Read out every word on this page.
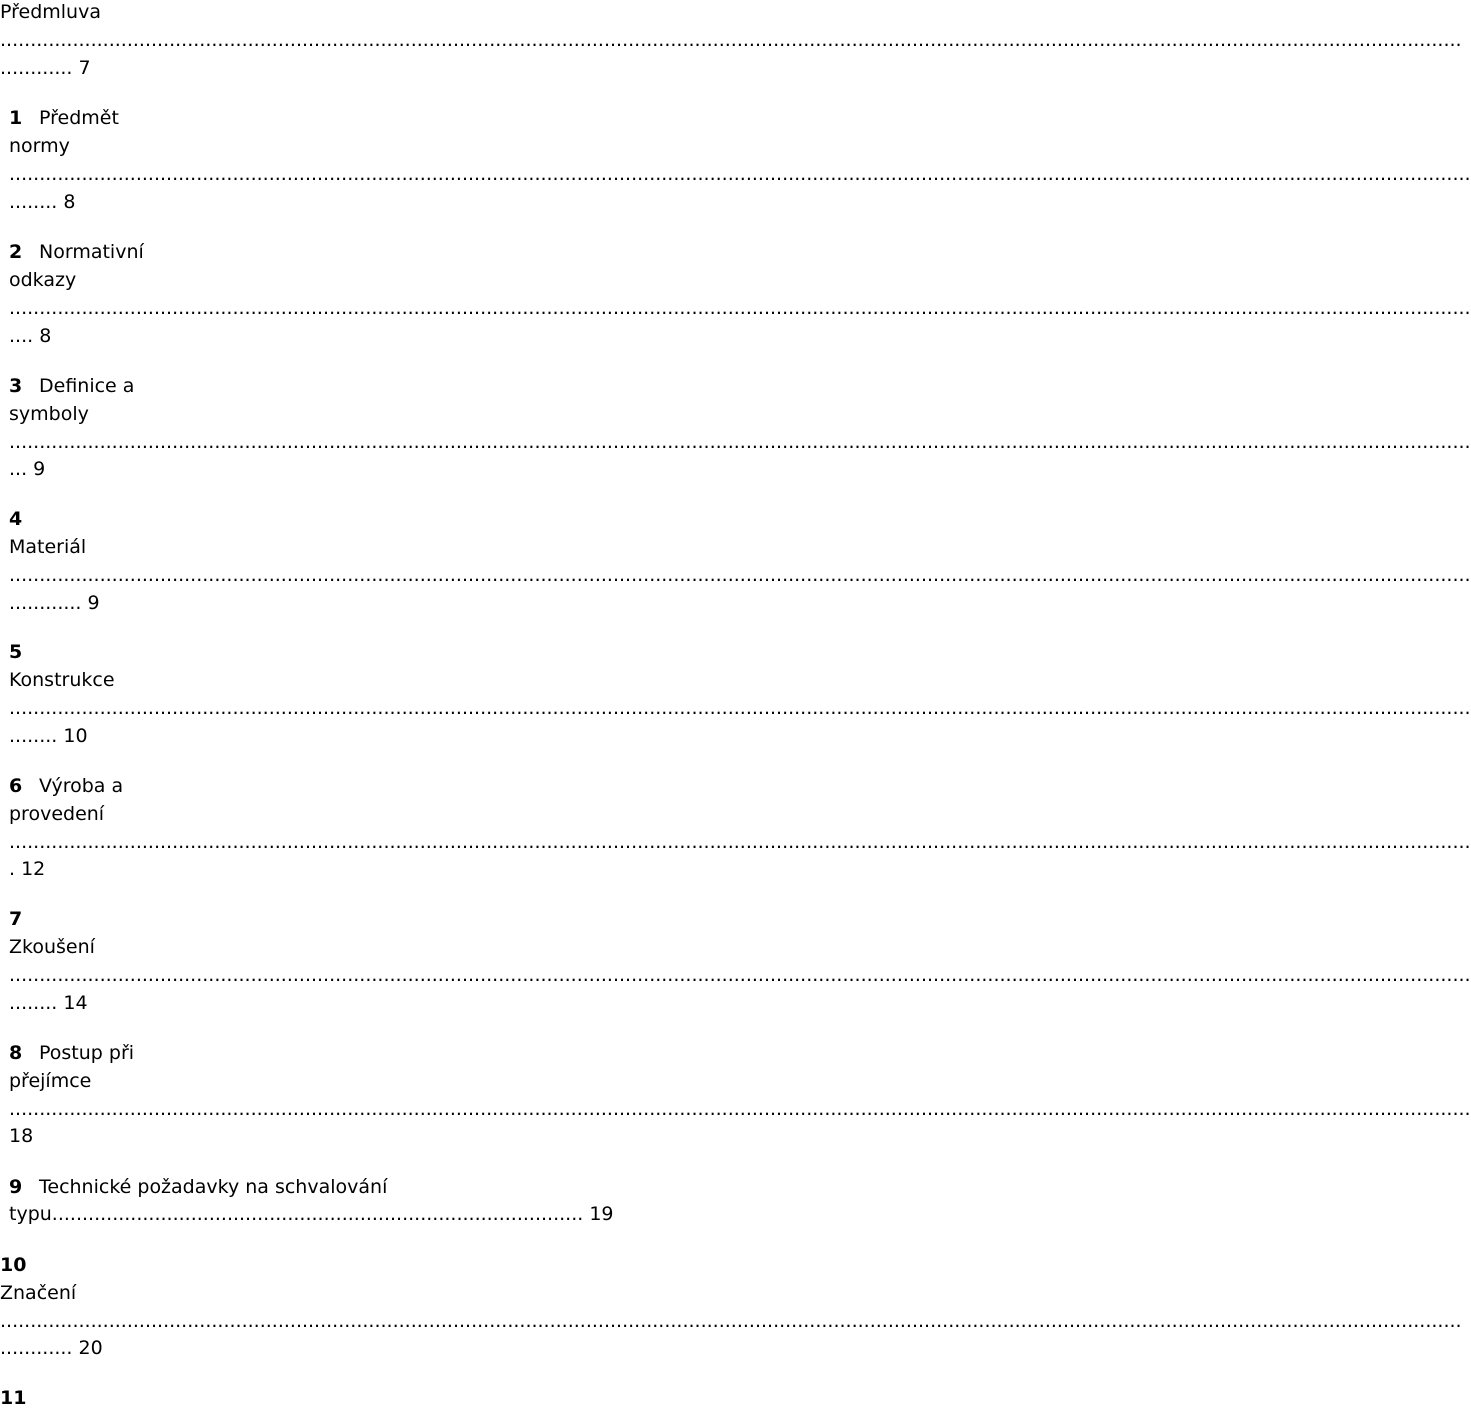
Předmluva
..................................................................................................................................................................................................................................................
............ 7
1 Předmět
normy
..................................................................................................................................................................................................................................................
........ 8
2 Normativní
odkazy
..................................................................................................................................................................................................................................................
.... 8
3 Definice a
symboly
..................................................................................................................................................................................................................................................
... 9
4
Materiál
..................................................................................................................................................................................................................................................
............ 9
5
Konstrukce
..................................................................................................................................................................................................................................................
........ 10
6 Výroba a
provedení
..................................................................................................................................................................................................................................................
. 12
7
Zkoušení
..................................................................................................................................................................................................................................................
........ 14
8 Postup při
přejímce
..................................................................................................................................................................................................................................................
18
9 Technické požadavky na schvalování
typu........................................................................................ 19
10
Značení
..................................................................................................................................................................................................................................................
............ 20
11
